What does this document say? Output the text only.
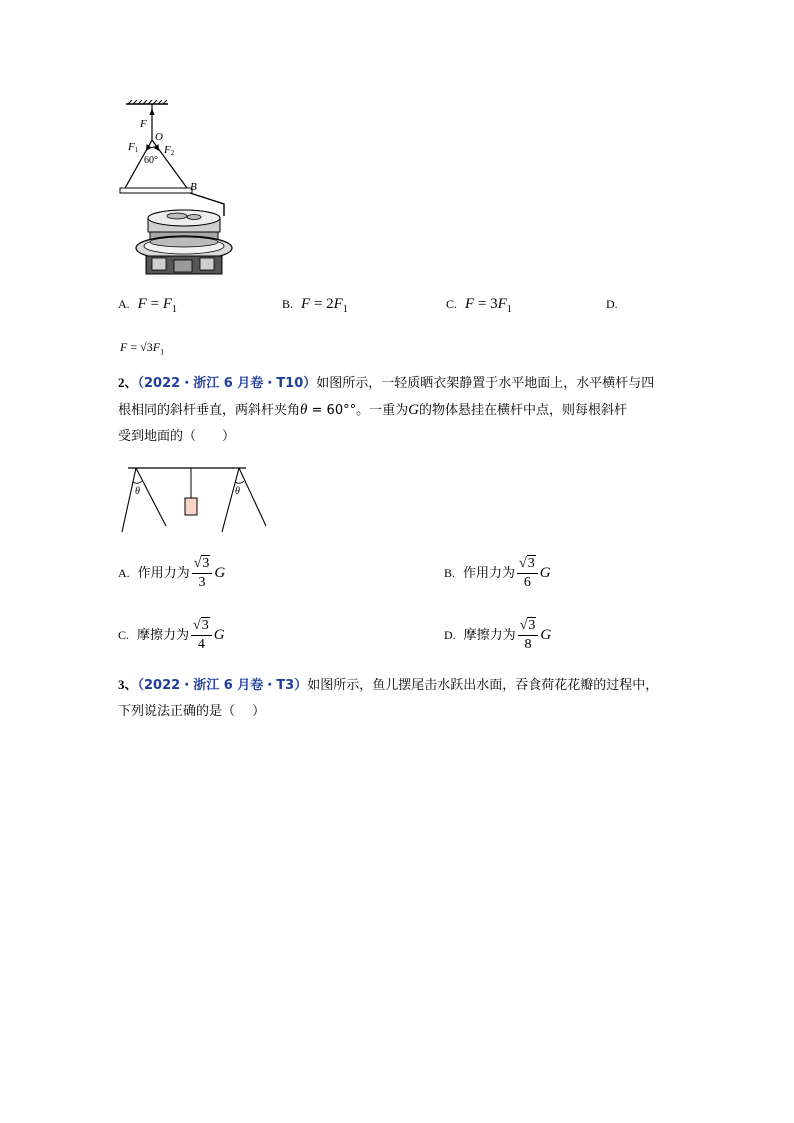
F
O
F1 F2
60°
B
A. $F = F_1$	B. $F = 2F_1$	C. $F = 3F_1$	D.
$F = √3F_1$
2、（2022・浙江 6 月卷・T10）如图所示，一轻质晒衣架静置于水平地面上，水平横杆与四
根相同的斜杆垂直，两斜杆夹角θ = 60°°。一重为G的物体悬挂在横杆中点，则每根斜杆
受到地面的（　　）
θ	θ
A. 作用力为 $\frac{√3}{3}$ G	B. 作用力为 $\frac{√3}{6}$ G
C. 摩擦力为 $\frac{√3}{4}$ G	D. 摩擦力为 $\frac{√3}{8}$ G
3、（2022・浙江 6 月卷・T3）如图所示，鱼儿摆尾击水跃出水面，吞食荷花花瓣的过程中，
下列说法正确的是（　 ）
